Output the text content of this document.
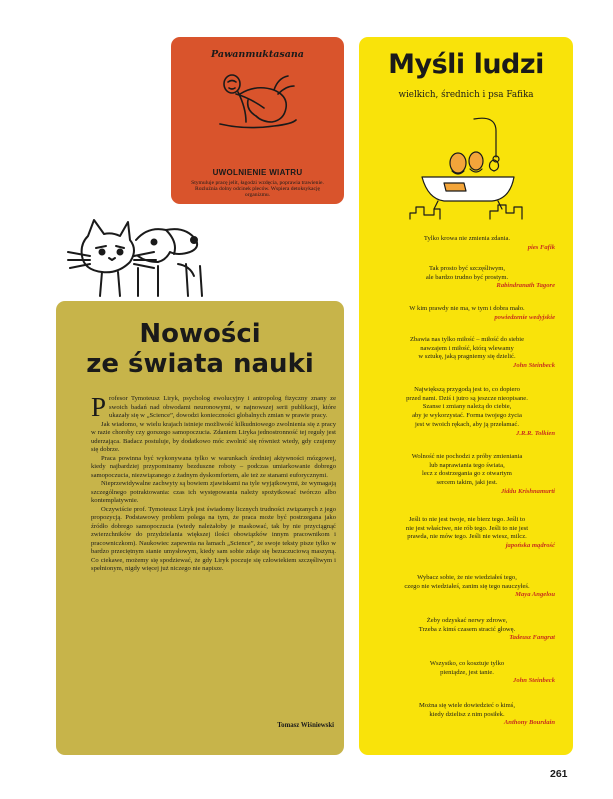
Pawanmuktasana
UWOLNIENIE WIATRU
Stymuluje pracę jelit, łagodzi wzdęcia, poprawia trawienie. Rozluźnia dolny odcinek pleców. Wspiera detoksykację organizmu.
Myśli ludzi
wielkich, średnich i psa Fafika
Tylko krowa nie zmienia zdania.
pies Fafik
Tak prosto być szczęśliwym,
ale bardzo trudno być prostym.
Rabindranath Tagore
W kim prawdy nie ma, w tym i dobra mało.
powiedzenie wedyjskie
Zbawia nas tylko miłość – miłość do siebie
nawzajem i miłość, którą wlewamy
w sztukę, jaką pragniemy się dzielić.
John Steinbeck
Największą przygodą jest to, co dopiero
przed nami. Dziś i jutro są jeszcze nieopisane.
Szanse i zmiany należą do ciebie,
aby je wykorzystać. Forma twojego życia
jest w twoich rękach, aby ją przełamać.
J.R.R. Tolkien
Wolność nie pochodzi z próby zmieniania
lub naprawiania tego świata,
lecz z dostrzegania go z otwartym
sercem takim, jaki jest.
Jiddu Krishnamurti
Jeśli to nie jest twoje, nie bierz tego. Jeśli to
nie jest właściwe, nie rób tego. Jeśli to nie jest
prawda, nie mów tego. Jeśli nie wiesz, milcz.
japońska mądrość
Wybacz sobie, że nie wiedziałeś tego,
czego nie wiedziałeś, zanim się tego nauczyłeś.
Maya Angelou
Żeby odzyskać nerwy zdrowe,
Trzeba z kimś czasem stracić głowę.
Tadeusz Fangrat
Wszystko, co kosztuje tylko
pieniądze, jest tanie.
John Steinbeck
Można się wiele dowiedzieć o kimś,
kiedy dzielisz z nim posiłek.
Anthony Bourdain
Nowości
ze świata nauki

Profesor Tymoteusz Liryk, psycholog ewolucyjny i antropolog fizyczny znany ze swoich badań nad obwodami neuronowymi, w najnowszej serii publikacji, które ukazały się w „Science”, dowodzi konieczności globalnych zmian w prawie pracy.

Jak wiadomo, w wielu krajach istnieje możliwość kilkudniowego zwolnienia się z pracy w razie choroby czy gorszego samopoczucia. Zdaniem Liryka jednostronność tej reguły jest uderzająca. Badacz postuluje, by dodatkowo móc zwolnić się również wtedy, gdy czujemy się dobrze.

Praca powinna być wykonywana tylko w warunkach średniej aktywności mózgowej, kiedy najbardziej przypominamy bezduszne roboty – podczas umiarkowanie dobrego samopoczucia, niezwiązanego z żadnym dyskomfortem, ale też ze stanami euforycznymi.

Nieprzewidywalne zachwyty są bowiem zjawiskami na tyle wyjątkowymi, że wymagają szczególnego potraktowania: czas ich występowania należy spożytkować twórczo albo kontemplatywnie.

Oczywiście prof. Tymoteusz Liryk jest świadomy licznych trudności związanych z jego propozycją. Podstawowy problem polega na tym, że praca może być postrzegana jako źródło dobrego samopoczucia (wtedy należałoby je maskować, tak by nie przyciągnąć zwierzchników do przydzielania większej ilości obowiązków innym pracownikom i pracowniczkom). Naukowiec zapewnia na łamach „Science”, że swoje teksty pisze tylko w bardzo przeciętnym stanie umysłowym, kiedy sam sobie zdaje się bezuczuciową maszyną. Co ciekawe, możemy się spodziewać, że gdy Liryk poczuje się człowiekiem szczęśliwym i spełnionym, nigdy więcej już niczego nie napisze.

Tomasz Wiśniewski
261
